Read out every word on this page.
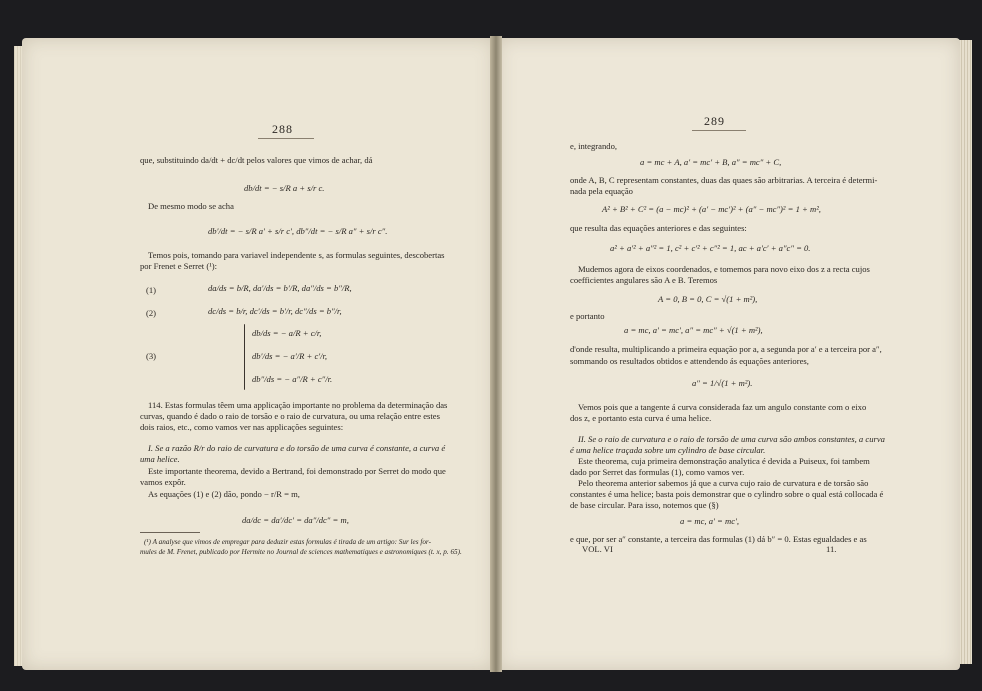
288
que, substituindo da/dt + dc/dt pelos valores que vimos de achar, dá
db/dt = − s/R a + s/r c.
De mesmo modo se acha
db′/dt = − s/R a′ + s/r c′, db″/dt = − s/R a″ + s/r c″.
Temos pois, tomando para variavel independente s, as formulas seguintes, descobertas
por Frenet e Serret (¹):
(1)	da/ds = b/R, da′/ds = b′/R, da″/ds = b″/R,
(2)	dc/ds = b/r, dc′/ds = b′/r, dc″/ds = b″/r,
db/ds = − a/R + c/r,
(3)	db′/ds = − a′/R + c′/r,
db″/ds = − a″/R + c″/r.
114. Estas formulas têem uma applicação importante no problema da determinação das
curvas, quando é dado o raio de torsão e o raio de curvatura, ou uma relação entre estes
dois raios, etc., como vamos ver nas applicações seguintes:
I. Se a razão R/r do raio de curvatura e do torsão de uma curva é constante, a curva é
uma helice.
Este importante theorema, devido a Bertrand, foi demonstrado por Serret do modo que
vamos expôr.
As equações (1) e (2) dão, pondo − r/R = m,
da/dc = da′/dc′ = da″/dc″ = m,
(¹) A analyse que vimos de empregar para deduzir estas formulas é tirada de um artigo: Sur les for-
mules de M. Frenet, publicado por Hermite no Journal de sciences mathematiques e astronomiques (t. x, p. 65).
289
e, integrando,
a = mc + A, a′ = mc′ + B, a″ = mc″ + C,
onde A, B, C representam constantes, duas das quaes são arbitrarias. A terceira é determi-
nada pela equação
A² + B² + C² = (a − mc)² + (a′ − mc′)² + (a″ − mc″)² = 1 + m²,
que resulta das equações anteriores e das seguintes:
a² + a′² + a″² = 1, c² + c′² + c″² = 1, ac + a′c′ + a″c″ = 0.
Mudemos agora de eixos coordenados, e tomemos para novo eixo dos z a recta cujos
coefficientes angulares são A e B. Teremos
A = 0, B = 0, C = √(1 + m²),
e portanto
a = mc, a′ = mc′, a″ = mc″ + √(1 + m²),
d'onde resulta, multiplicando a primeira equação por a, a segunda por a′ e a terceira por a″,
sommando os resultados obtidos e attendendo ás equações anteriores,
a″ = 1/√(1 + m²).
Vemos pois que a tangente á curva considerada faz um angulo constante com o eixo
dos z, e portanto esta curva é uma helice.
II. Se o raio de curvatura e o raio de torsão de uma curva são ambos constantes, a curva
é uma helice traçada sobre um cylindro de base circular.
Este theorema, cuja primeira demonstração analytica é devida a Puiseux, foi tambem
dado por Serret das formulas (1), como vamos ver.
Pelo theorema anterior sabemos já que a curva cujo raio de curvatura e de torsão são
constantes é uma helice; basta pois demonstrar que o cylindro sobre o qual está collocada é
de base circular. Para isso, notemos que (§)
a = mc, a′ = mc′,
e que, por ser a″ constante, a terceira das formulas (1) dá b″ = 0. Estas egualdades e as
VOL. VI	11.
